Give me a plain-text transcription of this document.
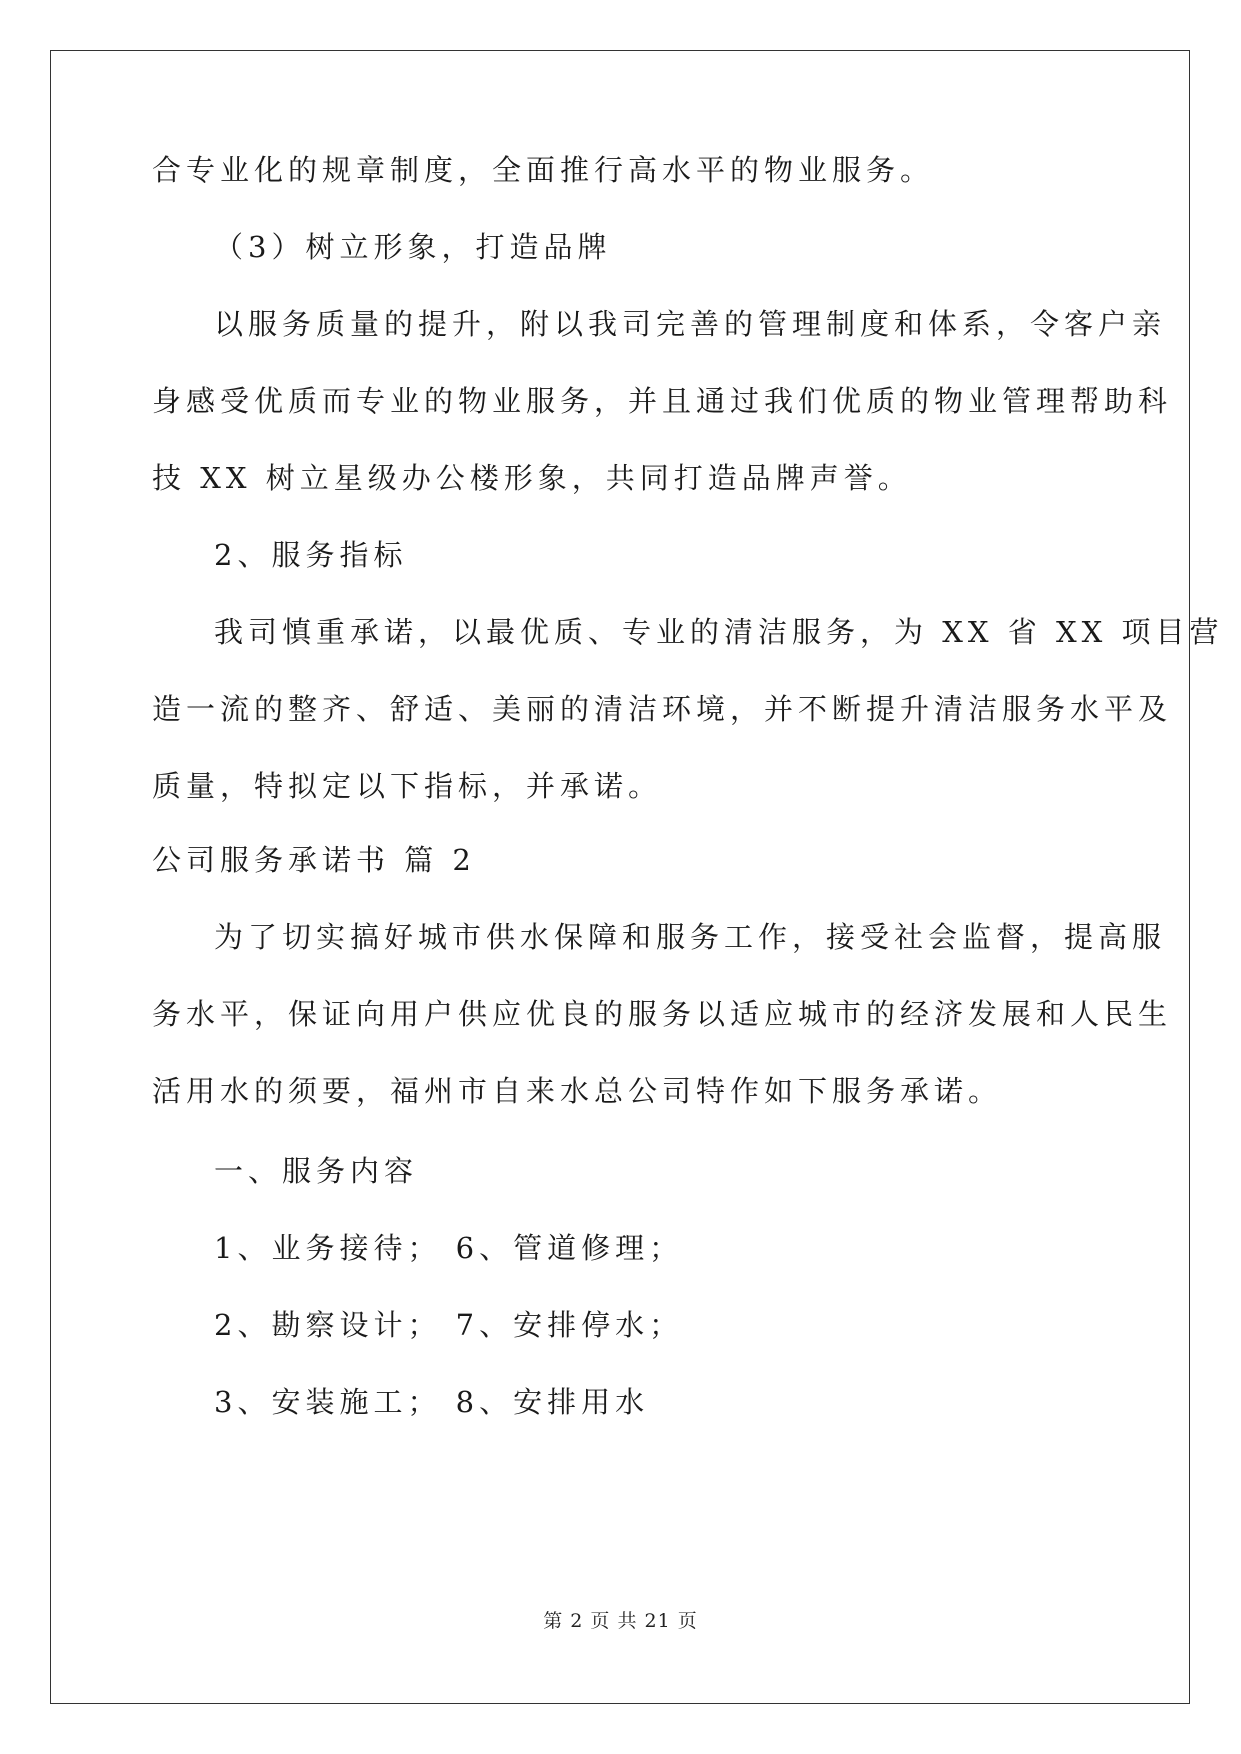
合专业化的规章制度，全面推行高水平的物业服务。
（3）树立形象，打造品牌
以服务质量的提升，附以我司完善的管理制度和体系，令客户亲
身感受优质而专业的物业服务，并且通过我们优质的物业管理帮助科
技 XX 树立星级办公楼形象，共同打造品牌声誉。
2、服务指标
我司慎重承诺，以最优质、专业的清洁服务，为 XX 省 XX 项目营
造一流的整齐、舒适、美丽的清洁环境，并不断提升清洁服务水平及
质量，特拟定以下指标，并承诺。
公司服务承诺书 篇 2
为了切实搞好城市供水保障和服务工作，接受社会监督，提高服
务水平，保证向用户供应优良的服务以适应城市的经济发展和人民生
活用水的须要，福州市自来水总公司特作如下服务承诺。
一、服务内容
1、业务接待； 6、管道修理；
2、勘察设计； 7、安排停水；
3、安装施工； 8、安排用水
第 2 页 共 21 页
